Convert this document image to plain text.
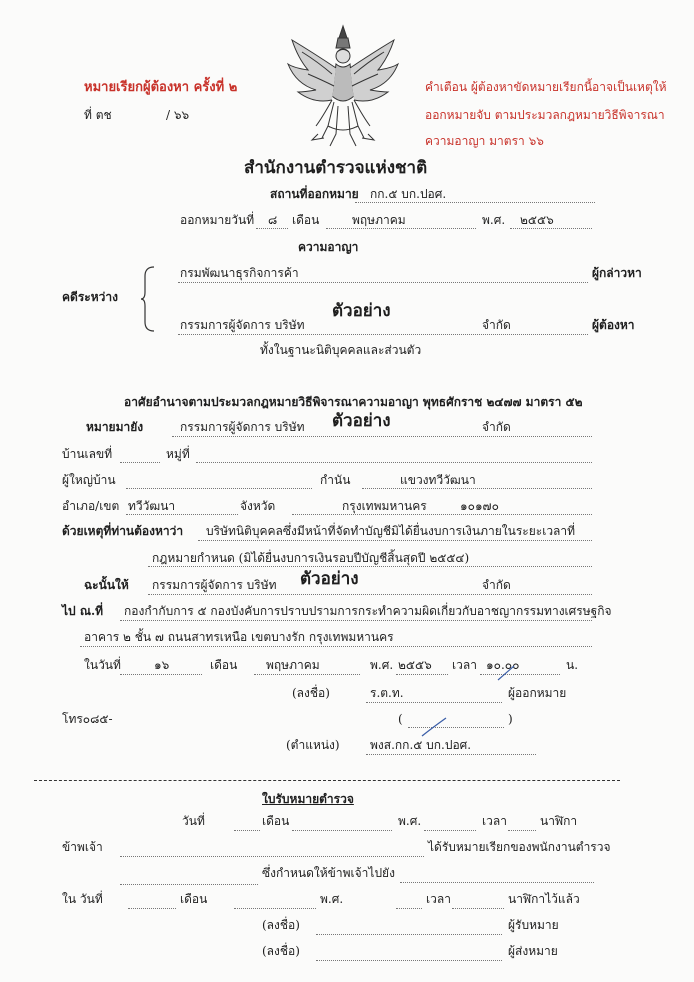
หมายเรียกผู้ต้องหา ครั้งที่ ๒
ที่ ตช	/ ๖๖
คำเตือน ผู้ต้องหาขัดหมายเรียกนี้อาจเป็นเหตุให้
ออกหมายจับ ตามประมวลกฎหมายวิธีพิจารณา
ความอาญา มาตรา ๖๖
สำนักงานตำรวจแห่งชาติ
สถานที่ออกหมาย กก.๕ บก.ปอศ.
ออกหมายวันที่ ๘ เดือน	พฤษภาคม	พ.ศ. ๒๕๕๖
ความอาญา
คดีระหว่าง
กรมพัฒนาธุรกิจการค้า	ผู้กล่าวหา
กรรมการผู้จัดการ บริษัท
ตัวอย่าง
จำกัด	ผู้ต้องหา
ทั้งในฐานะนิติบุคคลและส่วนตัว
อาศัยอำนาจตามประมวลกฎหมายวิธีพิจารณาความอาญา พุทธศักราช ๒๔๗๗ มาตรา ๕๒
หมายมายัง	กรรมการผู้จัดการ บริษัท ตัวอย่าง	จำกัด
บ้านเลขที่	หมู่ที่
ผู้ใหญ่บ้าน	กำนัน	แขวงทวีวัฒนา
อำเภอ/เขต ทวีวัฒนา	จังหวัด	กรุงเทพมหานคร	๑๐๑๗๐
ด้วยเหตุที่ท่านต้องหาว่า บริษัทนิติบุคคลซึ่งมีหน้าที่จัดทำบัญชีมิได้ยื่นงบการเงินภายในระยะเวลาที่
กฎหมายกำหนด (มิได้ยื่นงบการเงินรอบปีบัญชีสิ้นสุดปี ๒๕๕๔)
ฉะนั้นให้ กรรมการผู้จัดการ บริษัท ตัวอย่าง	จำกัด
ไป ณ.ที่ กองกำกับการ ๕ กองบังคับการปราบปรามการกระทำความผิดเกี่ยวกับอาชญากรรมทางเศรษฐกิจ
อาคาร ๒ ชั้น ๗ ถนนสาทรเหนือ เขตบางรัก กรุงเทพมหานคร
ในวันที่	๑๖	เดือน พฤษภาคม	พ.ศ. ๒๕๕๖ เวลา ๑๐.๐๐	น.
(ลงชื่อ)	ร.ต.ท.	ผู้ออกหมาย
โทร๐๘๕-	(	)
(ตำแหน่ง)	พงส.กก.๕ บก.ปอศ.
ใบรับหมายตำรวจ
วันที่	เดือน	พ.ศ.	เวลา	นาฬิกา
ข้าพเจ้า	ได้รับหมายเรียกของพนักงานตำรวจ
ซึ่งกำหนดให้ข้าพเจ้าไปยัง
ใน วันที่	เดือน	พ.ศ.	เวลา	นาฬิกาไว้แล้ว
(ลงชื่อ)	ผู้รับหมาย
(ลงชื่อ)	ผู้ส่งหมาย
